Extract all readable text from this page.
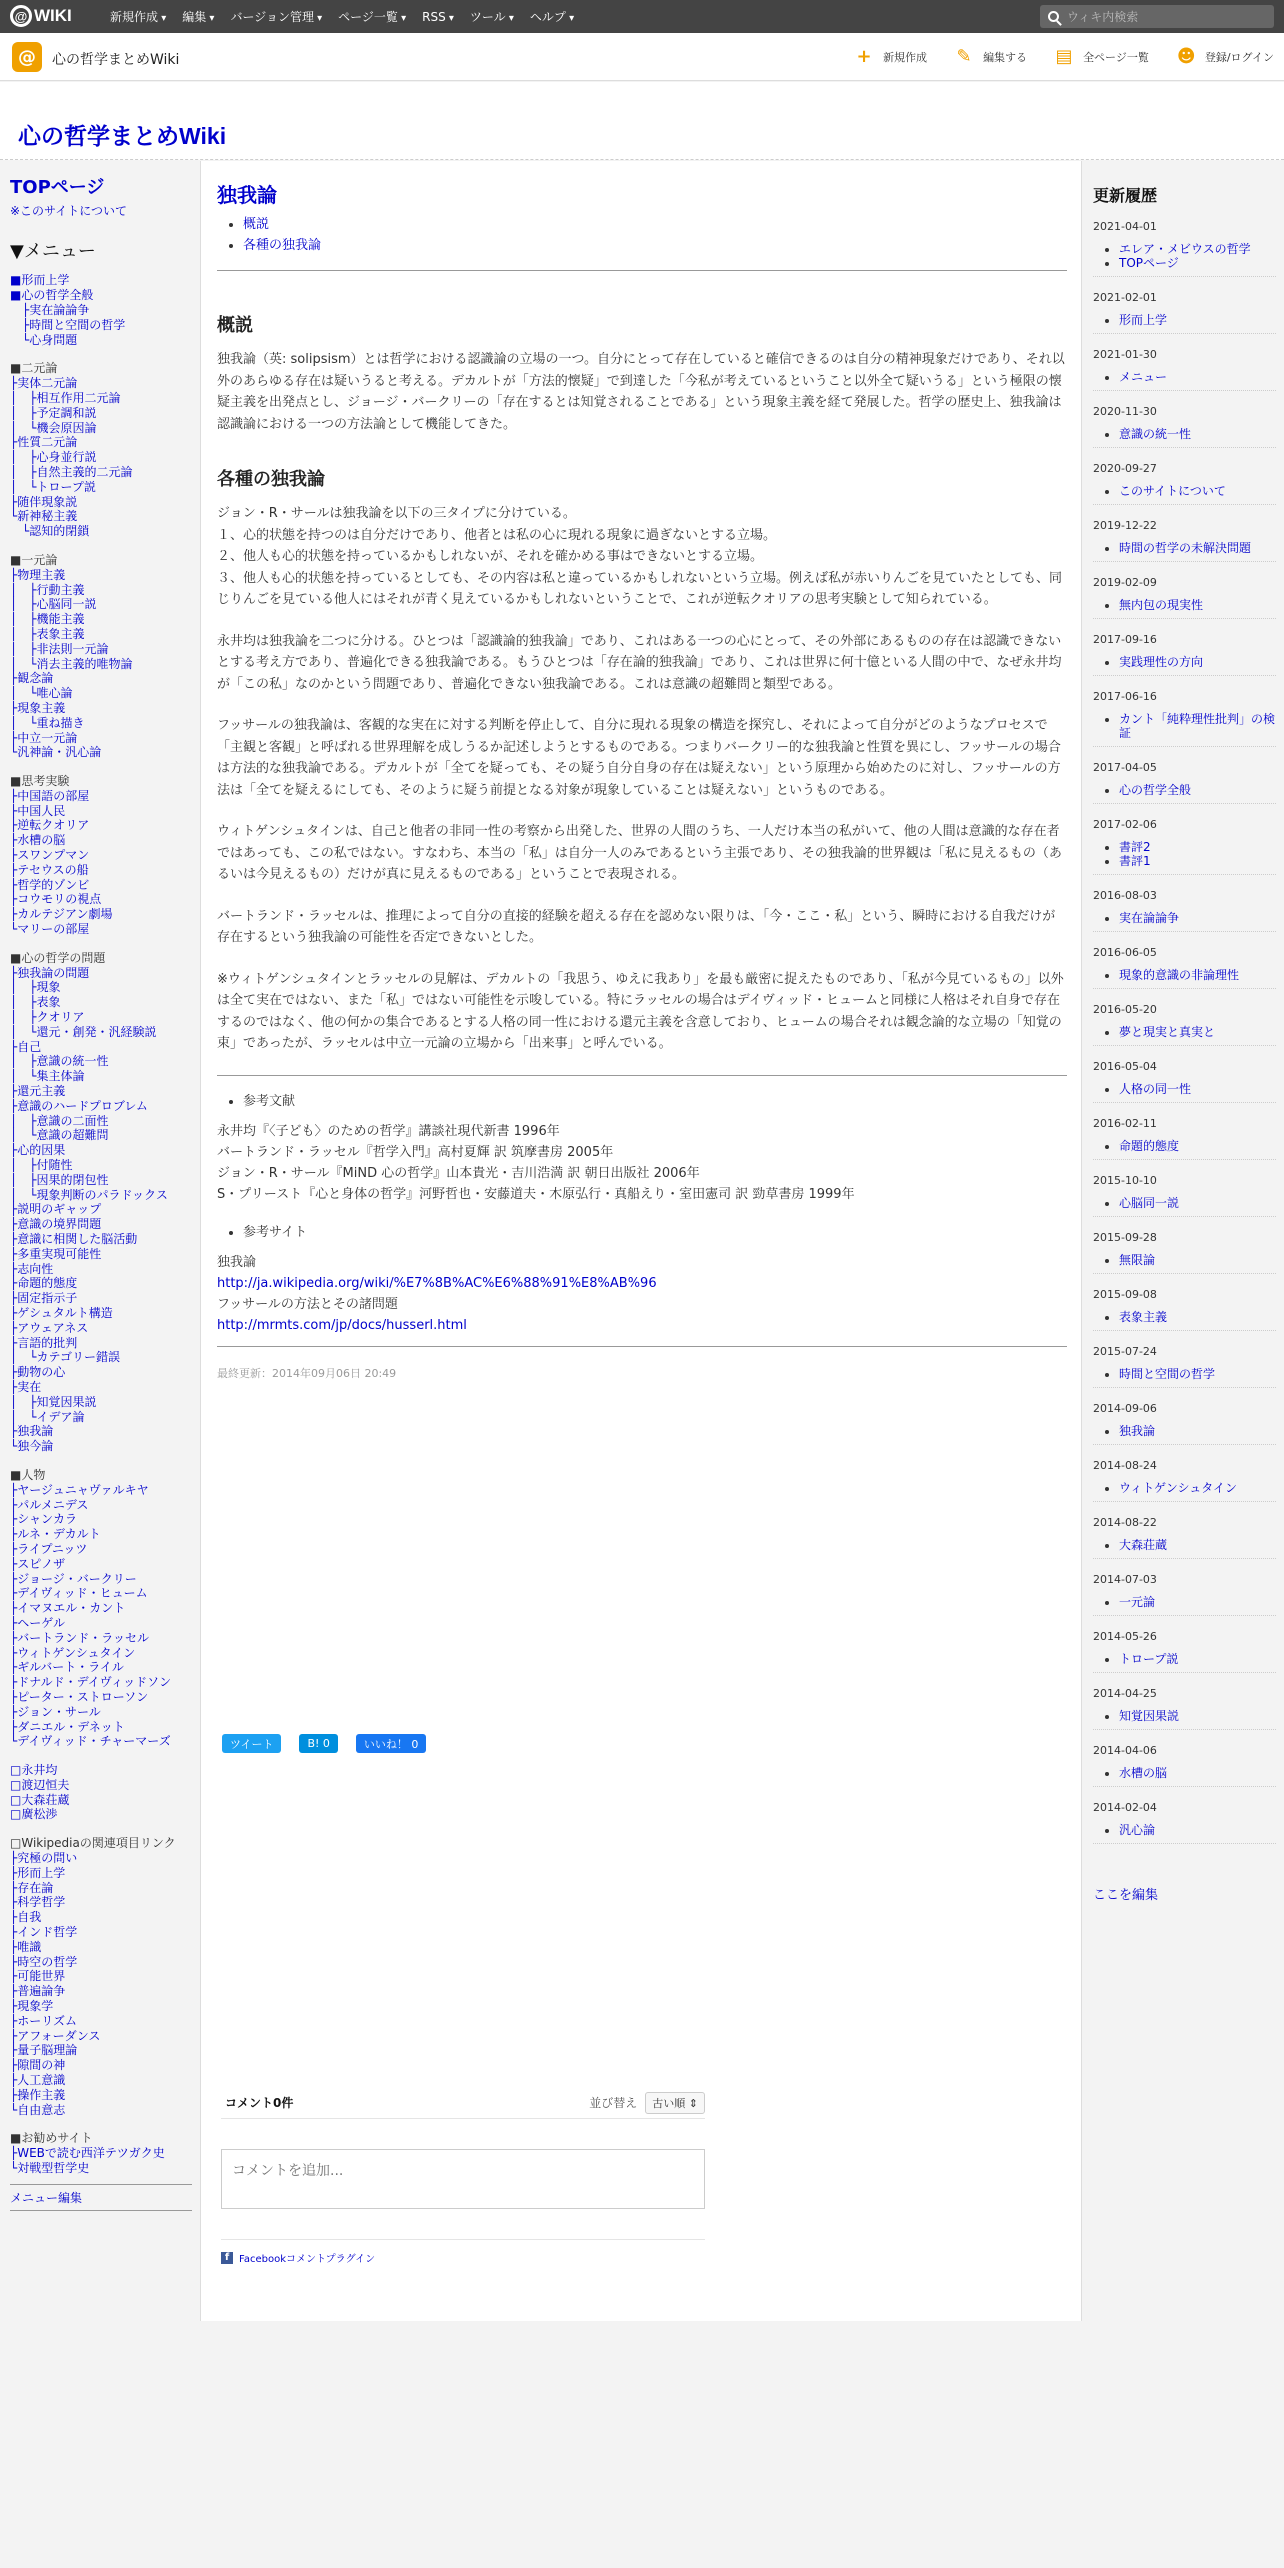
@ WIKI	新規作成 ▾	編集 ▾	バージョン管理 ▾	ページ一覧 ▾	RSS ▾	ツール ▾	ヘルプ ▾
ウィキ内検索
@	心の哲学まとめWiki	+ 新規作成 ✎ 編集する ▤ 全ページ一覧 ☻ 登録/ログイン
心の哲学まとめWiki
TOPページ
※このサイトについて
▼メニュー
■形而上学
■心の哲学全般
　├実在論論争
　├時間と空間の哲学
　└心身問題
■二元論
├実体二元論
│　├相互作用二元論
│　├予定調和説
│　└機会原因論
├性質二元論
│　├心身並行説
│　├自然主義的二元論
│　└トロープ説
├随伴現象説
└新神秘主義
　└認知的閉鎖
■一元論
├物理主義
│　├行動主義
│　├心脳同一説
│　├機能主義
│　├表象主義
│　├非法則一元論
│　└消去主義的唯物論
├観念論
│　└唯心論
├現象主義
│　└重ね描き
├中立一元論
└汎神論・汎心論
■思考実験
├中国語の部屋
├中国人民
├逆転クオリア
├水槽の脳
├スワンプマン
├テセウスの船
├哲学的ゾンビ
├コウモリの視点
├カルテジアン劇場
└マリーの部屋
■心の哲学の問題
├独我論の問題
│　├現象
│　├表象
│　├クオリア
│　└還元・創発・汎経験説
├自己
│　├意識の統一性
│　└集主体論
├還元主義
├意識のハードプロブレム
│　├意識の二面性
│　└意識の超難問
├心的因果
│　├付随性
│　├因果的閉包性
│　└現象判断のパラドックス
├説明のギャップ
├意識の境界問題
├意識に相関した脳活動
├多重実現可能性
├志向性
├命題的態度
├固定指示子
├ゲシュタルト構造
├アウェアネス
├言語的批判
│　└カテゴリー錯誤
├動物の心
├実在
│　├知覚因果説
│　└イデア論
├独我論
└独今論
■人物
├ヤージュニャヴァルキヤ
├パルメニデス
├シャンカラ
├ルネ・デカルト
├ライプニッツ
├スピノザ
├ジョージ・バークリー
├デイヴィッド・ヒューム
├イマヌエル・カント
├ヘーゲル
├バートランド・ラッセル
├ウィトゲンシュタイン
├ギルバート・ライル
├ドナルド・デイヴィッドソン
├ピーター・ストローソン
├ジョン・サール
├ダニエル・デネット
└デイヴィッド・チャーマーズ
□永井均
□渡辺恒夫
□大森荘蔵
□廣松渉
□Wikipediaの関連項目リンク
├究極の問い
├形而上学
├存在論
├科学哲学
├自我
├インド哲学
├唯識
├時空の哲学
├可能世界
├普遍論争
├現象学
├ホーリズム
├アフォーダンス
├量子脳理論
├隙間の神
├人工意識
├操作主義
└自由意志
■お勧めサイト
├WEBで読む西洋テツガク史
└対戦型哲学史
メニュー編集
独我論
• 概説
• 各種の独我論
概説

独我論（英: solipsism）とは哲学における認識論の立場の一つ。自分にとって存在していると確信できるのは自分の精神現象だけであり、それ以外のあらゆる存在は疑いうると考える。デカルトが「方法的懐疑」で到達した「今私が考えているということ以外全て疑いうる」という極限の懐疑主義を出発点とし、ジョージ・バークリーの「存在するとは知覚されることである」という現象主義を経て発展した。哲学の歴史上、独我論は認識論における一つの方法論として機能してきた。

各種の独我論

ジョン・R・サールは独我論を以下の三タイプに分けている。
１、心的状態を持つのは自分だけであり、他者とは私の心に現れる現象に過ぎないとする立場。
２、他人も心的状態を持っているかもしれないが、それを確かめる事はできないとする立場。
３、他人も心的状態を持っているとしても、その内容は私と違っているかもしれないという立場。例えば私が赤いりんごを見ていたとしても、同じりんごを見ている他人にはそれが青く見えているかもしれないということで、これが逆転クオリアの思考実験として知られている。

永井均は独我論を二つに分ける。ひとつは「認識論的独我論」であり、これはある一つの心にとって、その外部にあるものの存在は認識できないとする考え方であり、普遍化できる独我論である。もうひとつは「存在論的独我論」であり、これは世界に何十億といる人間の中で、なぜ永井均が「この私」なのかという問題であり、普遍化できない独我論である。これは意識の超難問と類型である。

フッサールの独我論は、客観的な実在に対する判断を停止して、自分に現れる現象の構造を探究し、それによって自分がどのようなプロセスで「主観と客観」と呼ばれる世界理解を成しうるか記述しようとするものである。つまりバークリー的な独我論と性質を異にし、フッサールの場合は方法的な独我論である。デカルトが「全てを疑っても、その疑う自分自身の存在は疑えない」という原理から始めたのに対し、フッサールの方法は「全てを疑えるにしても、そのように疑う前提となる対象が現象していることは疑えない」というものである。

ウィトゲンシュタインは、自己と他者の非同一性の考察から出発した、世界の人間のうち、一人だけ本当の私がいて、他の人間は意識的な存在者ではあっても、この私ではない。すなわち、本当の「私」は自分一人のみであるという主張であり、その独我論的世界観は「私に見えるもの（あるいは今見えるもの）だけが真に見えるものである」ということで表現される。

バートランド・ラッセルは、推理によって自分の直接的経験を超える存在を認めない限りは、「今・ここ・私」という、瞬時における自我だけが存在するという独我論の可能性を否定できないとした。

※ウィトゲンシュタインとラッセルの見解は、デカルトの「我思う、ゆえに我あり」を最も厳密に捉えたものであり、「私が今見ているもの」以外は全て実在ではない、また「私」ではない可能性を示唆している。特にラッセルの場合はデイヴィッド・ヒュームと同様に人格はそれ自身で存在するのではなく、他の何かの集合であるとする人格の同一性における還元主義を含意しており、ヒュームの場合それは観念論的な立場の「知覚の束」であったが、ラッセルは中立一元論の立場から「出来事」と呼んでいる。

• 参考文献
永井均『〈子ども〉のための哲学』講談社現代新書 1996年
バートランド・ラッセル『哲学入門』高村夏輝 訳 筑摩書房 2005年
ジョン・R・サール『MiND 心の哲学』山本貴光・吉川浩満 訳 朝日出版社 2006年
S・プリースト『心と身体の哲学』河野哲也・安藤道夫・木原弘行・真船えり・室田憲司 訳 勁草書房 1999年
• 参考サイト
独我論
http://ja.wikipedia.org/wiki/%E7%8B%AC%E6%88%91%E8%AB%96
フッサールの方法とその諸問題
http://mrmts.com/jp/docs/husserl.html
最終更新：2014年09月06日 20:49
ツイート	B! 0	いいね！ 0
コメント0件	並び替え	古い順 ⇕
コメントを追加...
f Facebookコメントプラグイン
更新履歴
2021-04-01
• エレア・メビウスの哲学
• TOPページ
2021-02-01
• 形而上学
2021-01-30
• メニュー
2020-11-30
• 意識の統一性
2020-09-27
• このサイトについて
2019-12-22
• 時間の哲学の未解決問題
2019-02-09
• 無内包の現実性
2017-09-16
• 実践理性の方向
2017-06-16
• カント「純粋理性批判」の検証
2017-04-05
• 心の哲学全般
2017-02-06
• 書評2
• 書評1
2016-08-03
• 実在論論争
2016-06-05
• 現象的意識の非論理性
2016-05-20
• 夢と現実と真実と
2016-05-04
• 人格の同一性
2016-02-11
• 命題的態度
2015-10-10
• 心脳同一説
2015-09-28
• 無限論
2015-09-08
• 表象主義
2015-07-24
• 時間と空間の哲学
2014-09-06
• 独我論
2014-08-24
• ウィトゲンシュタイン
2014-08-22
• 大森荘蔵
2014-07-03
• 一元論
2014-05-26
• トロープ説
2014-04-25
• 知覚因果説
2014-04-06
• 水槽の脳
2014-02-04
• 汎心論
ここを編集
